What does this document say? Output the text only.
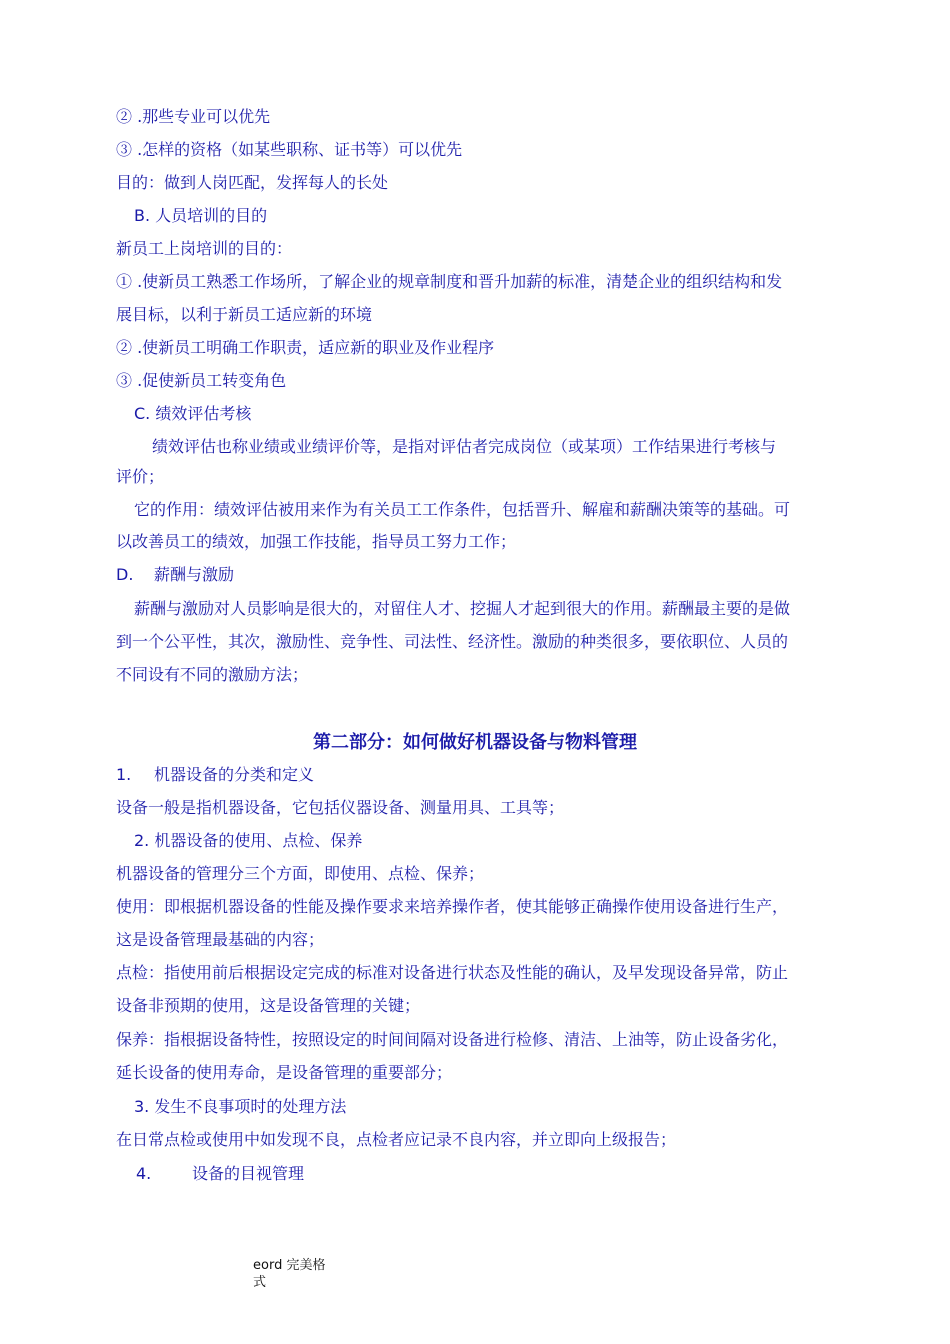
② .那些专业可以优先
③ .怎样的资格（如某些职称、证书等）可以优先
目的：做到人岗匹配，发挥每人的长处
B. 人员培训的目的
新员工上岗培训的目的：
① .使新员工熟悉工作场所，了解企业的规章制度和晋升加薪的标准，清楚企业的组织结构和发
展目标，以利于新员工适应新的环境
② .使新员工明确工作职责，适应新的职业及作业程序
③ .促使新员工转变角色
C. 绩效评估考核
绩效评估也称业绩或业绩评价等，是指对评估者完成岗位（或某项）工作结果进行考核与
评价；
它的作用：绩效评估被用来作为有关员工工作条件，包括晋升、解雇和薪酬决策等的基础。可
以改善员工的绩效，加强工作技能，指导员工努力工作；
D.	薪酬与激励
薪酬与激励对人员影响是很大的，对留住人才、挖掘人才起到很大的作用。薪酬最主要的是做
到一个公平性，其次，激励性、竞争性、司法性、经济性。激励的种类很多，要依职位、人员的
不同设有不同的激励方法；
第二部分：如何做好机器设备与物料管理
1.	机器设备的分类和定义
设备一般是指机器设备，它包括仪器设备、测量用具、工具等；
2. 机器设备的使用、点检、保养
机器设备的管理分三个方面，即使用、点检、保养；
使用：即根据机器设备的性能及操作要求来培养操作者，使其能够正确操作使用设备进行生产，
这是设备管理最基础的内容；
点检：指使用前后根据设定完成的标准对设备进行状态及性能的确认，及早发现设备异常，防止
设备非预期的使用，这是设备管理的关键；
保养：指根据设备特性，按照设定的时间间隔对设备进行检修、清洁、上油等，防止设备劣化，
延长设备的使用寿命，是设备管理的重要部分；
3. 发生不良事项时的处理方法
在日常点检或使用中如发现不良，点检者应记录不良内容，并立即向上级报告；
4.	设备的目视管理
eord 完美格
式
